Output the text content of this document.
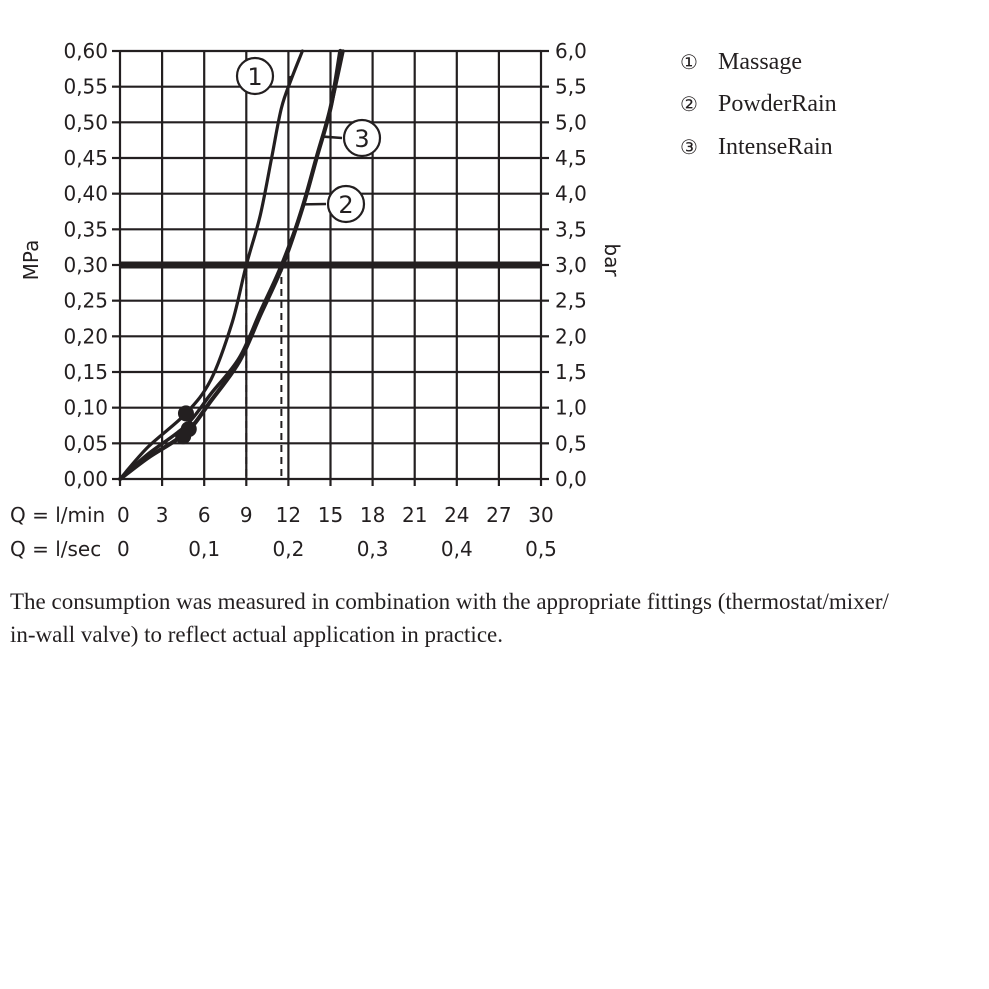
1
3
2
0,00
0,05
0,10
0,15
0,20
0,25
0,30
0,35
0,40
0,45
0,50
0,55
0,60
0,0
0,5
1,0
1,5
2,0
2,5
3,0
3,5
4,0
4,5
5,0
5,5
6,0
0 3 6 9 12 15 18 21 24 27 30
0	0,1	0,2	0,3	0,4	0,5
MPa	bar
Q = l/min
Q = l/sec
① Massage
② PowderRain
③ IntenseRain
The consumption was measured in combination with the appropriate fittings (thermostat/mixer/
in-wall valve) to reflect actual application in practice.
